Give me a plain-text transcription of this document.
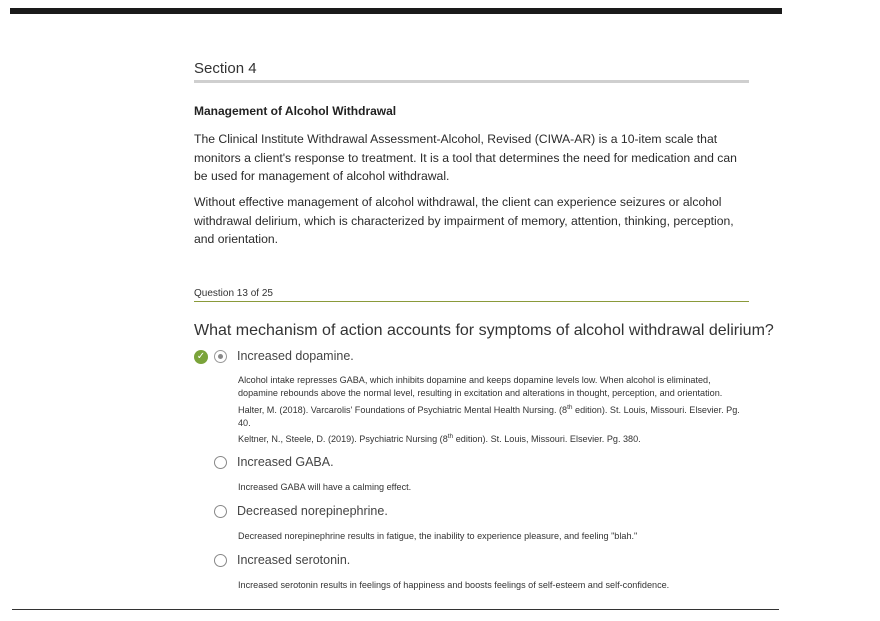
Section 4
Management of Alcohol Withdrawal

The Clinical Institute Withdrawal Assessment-Alcohol, Revised (CIWA-AR) is a 10-item scale that monitors a client's response to treatment. It is a tool that determines the need for medication and can be used for management of alcohol withdrawal.

Without effective management of alcohol withdrawal, the client can experience seizures or alcohol withdrawal delirium, which is characterized by impairment of memory, attention, thinking, perception, and orientation.

Question 13 of 25
What mechanism of action accounts for symptoms of alcohol withdrawal delirium?
✓	Increased dopamine.
Alcohol intake represses GABA, which inhibits dopamine and keeps dopamine levels low. When alcohol is eliminated, dopamine rebounds above the normal level, resulting in excitation and alterations in thought, perception, and orientation.
Halter, M. (2018). Varcarolis' Foundations of Psychiatric Mental Health Nursing. (8th edition). St. Louis, Missouri. Elsevier. Pg. 40.
Keltner, N., Steele, D. (2019). Psychiatric Nursing (8th edition). St. Louis, Missouri. Elsevier. Pg. 380.
Increased GABA.
Increased GABA will have a calming effect.
Decreased norepinephrine.
Decreased norepinephrine results in fatigue, the inability to experience pleasure, and feeling "blah."
Increased serotonin.
Increased serotonin results in feelings of happiness and boosts feelings of self-esteem and self-confidence.
